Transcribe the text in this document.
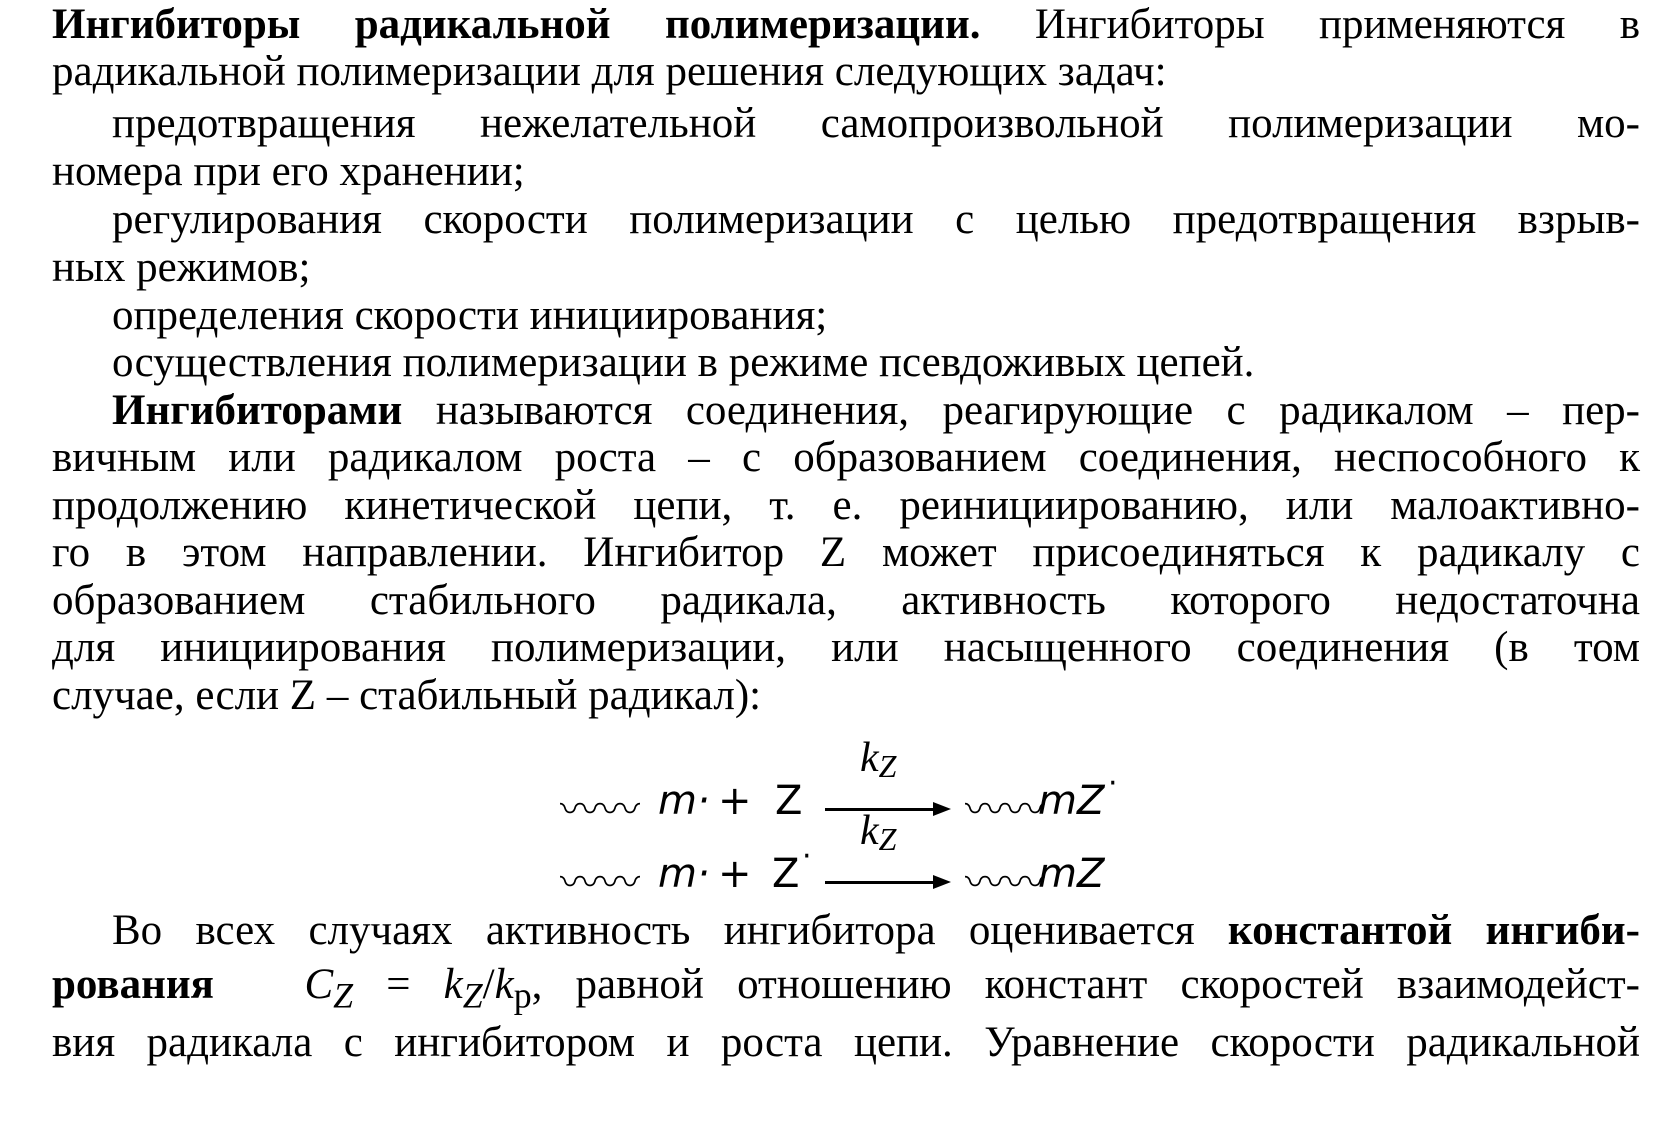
Ингибиторы радикальной полимеризации. Ингибиторы применяются в
радикальной полимеризации для решения следующих задач:
предотвращения нежелательной самопроизвольной полимеризации мо-
номера при его хранении;
регулирования скорости полимеризации с целью предотвращения взрыв-
ных режимов;
определения скорости инициирования;
осуществления полимеризации в режиме псевдоживых цепей.
Ингибиторами называются соединения, реагирующие с радикалом – пер-
вичным или радикалом роста – с образованием соединения, неспособного к
продолжению кинетической цепи, т. е. реинициированию, или малоактивно-
го в этом направлении. Ингибитор Z может присоединяться к радикалу с
образованием стабильного радикала, активность которого недостаточна
для инициирования полимеризации, или насыщенного соединения (в том
случае, если Z – стабильный радикал):
〰〰 m· + Z
$k_Z$
→ 〰〰
mZ ·
〰〰 m· + Z ·
$k_Z$
→ 〰〰
mZ
Во всех случаях активность ингибитора оценивается константой ингиби-
рования $C_Z = k_Z/k_p$, равной отношению констант скоростей взаимодейст-
вия радикала с ингибитором и роста цепи. Уравнение скорости радикальной
